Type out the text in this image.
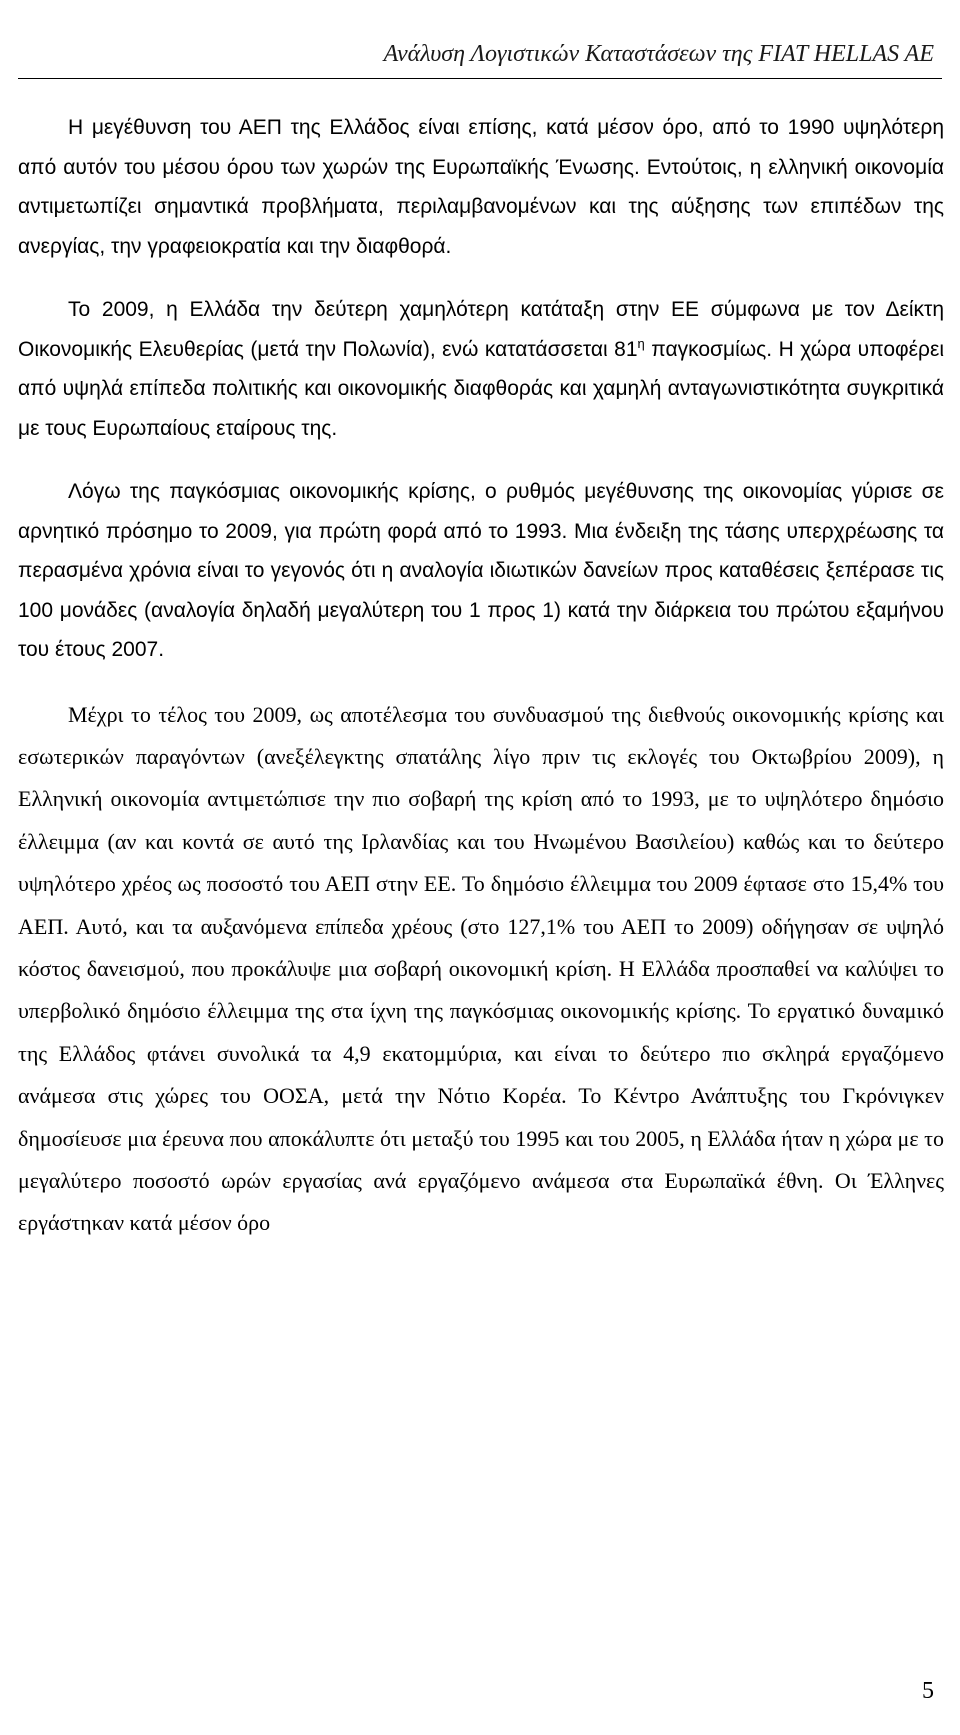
Ανάλυση Λογιστικών Καταστάσεων της FIAT HELLAS AE

Η μεγέθυνση του ΑΕΠ της Ελλάδος είναι επίσης, κατά μέσον όρο, από το 1990 υψηλότερη από αυτόν του μέσου όρου των χωρών της Ευρωπαϊκής Ένωσης. Εντούτοις, η ελληνική οικονομία αντιμετωπίζει σημαντικά προβλήματα, περιλαμβανομένων και της αύξησης των επιπέδων της ανεργίας, την γραφειοκρατία και την διαφθορά.

Το 2009, η Ελλάδα την δεύτερη χαμηλότερη κατάταξη στην ΕΕ σύμφωνα με τον Δείκτη Οικονομικής Ελευθερίας (μετά την Πολωνία), ενώ κατατάσσεται $81^\eta$ παγκοσμίως. Η χώρα υποφέρει από υψηλά επίπεδα πολιτικής και οικονομικής διαφθοράς και χαμηλή ανταγωνιστικότητα συγκριτικά με τους Ευρωπαίους εταίρους της.

Λόγω της παγκόσμιας οικονομικής κρίσης, ο ρυθμός μεγέθυνσης της οικονομίας γύρισε σε αρνητικό πρόσημο το 2009, για πρώτη φορά από το 1993. Μια ένδειξη της τάσης υπερχρέωσης τα περασμένα χρόνια είναι το γεγονός ότι η αναλογία ιδιωτικών δανείων προς καταθέσεις ξεπέρασε τις 100 μονάδες (αναλογία δηλαδή μεγαλύτερη του 1 προς 1) κατά την διάρκεια του πρώτου εξαμήνου του έτους 2007.

Μέχρι το τέλος του 2009, ως αποτέλεσμα του συνδυασμού της διεθνούς οικονομικής κρίσης και εσωτερικών παραγόντων (ανεξέλεγκτης σπατάλης λίγο πριν τις εκλογές του Οκτωβρίου 2009), η Ελληνική οικονομία αντιμετώπισε την πιο σοβαρή της κρίση από το 1993, με το υψηλότερο δημόσιο έλλειμμα (αν και κοντά σε αυτό της Ιρλανδίας και του Ηνωμένου Βασιλείου) καθώς και το δεύτερο υψηλότερο χρέος ως ποσοστό του ΑΕΠ στην ΕΕ. Το δημόσιο έλλειμμα του 2009 έφτασε στο 15,4% του ΑΕΠ. Αυτό, και τα αυξανόμενα επίπεδα χρέους (στο 127,1% του ΑΕΠ το 2009) οδήγησαν σε υψηλό κόστος δανεισμού, που προκάλυψε μια σοβαρή οικονομική κρίση. Η Ελλάδα προσπαθεί να καλύψει το υπερβολικό δημόσιο έλλειμμα της στα ίχνη της παγκόσμιας οικονομικής κρίσης. Το εργατικό δυναμικό της Ελλάδος φτάνει συνολικά τα 4,9 εκατομμύρια, και είναι το δεύτερο πιο σκληρά εργαζόμενο ανάμεσα στις χώρες του ΟΟΣΑ, μετά την Νότιο Κορέα. Το Κέντρο Ανάπτυξης του Γκρόνιγκεν δημοσίευσε μια έρευνα που αποκάλυπτε ότι μεταξύ του 1995 και του 2005, η Ελλάδα ήταν η χώρα με το μεγαλύτερο ποσοστό ωρών εργασίας ανά εργαζόμενο ανάμεσα στα Ευρωπαϊκά έθνη. Οι Έλληνες εργάστηκαν κατά μέσον όρο

5
